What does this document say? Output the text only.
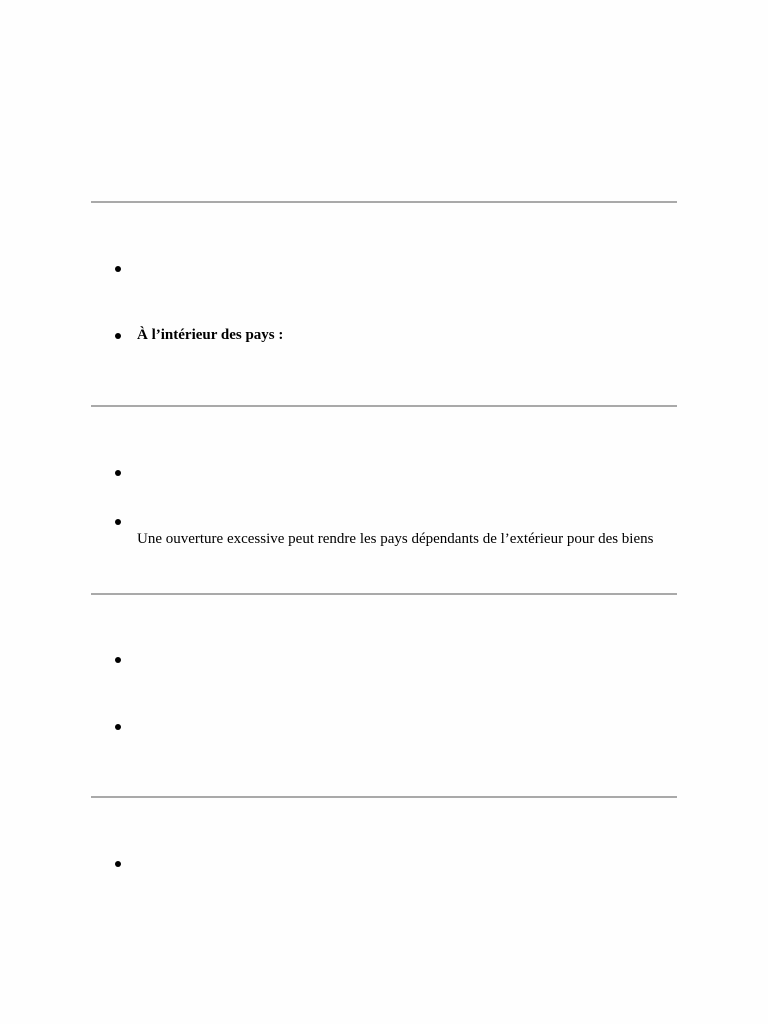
À l’intérieur des pays :
Une ouverture excessive peut rendre les pays dépendants de l’extérieur pour des biens
